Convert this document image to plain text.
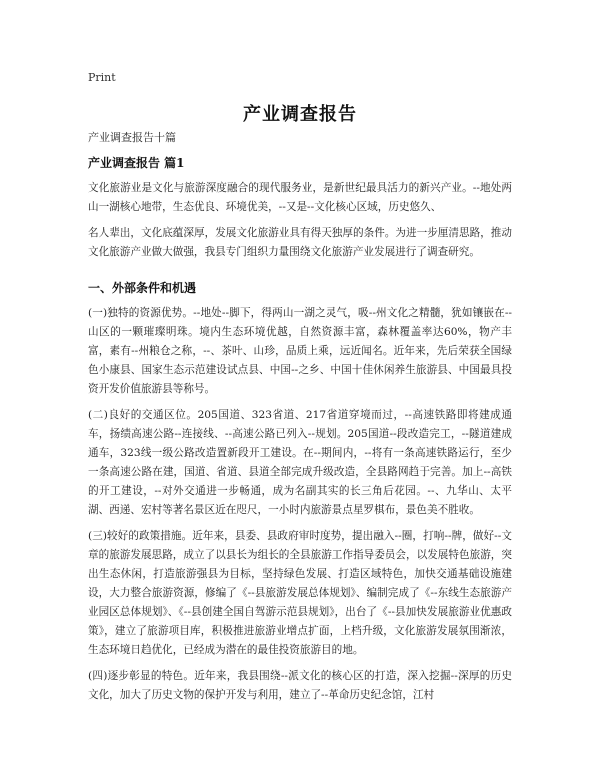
Print
产业调查报告
产业调查报告十篇
产业调查报告 篇1

文化旅游业是文化与旅游深度融合的现代服务业，是新世纪最具活力的新兴产业。--地处两山一湖核心地带，生态优良、环境优美，--又是--文化核心区域，历史悠久、

名人辈出，文化底蕴深厚，发展文化旅游业具有得天独厚的条件。为进一步厘清思路，推动文化旅游产业做大做强，我县专门组织力量围绕文化旅游产业发展进行了调查研究。

一、外部条件和机遇

(一)独特的资源优势。--地处--脚下，得两山一湖之灵气，吸--州文化之精髓，犹如镶嵌在--山区的一颗璀璨明珠。境内生态环境优越，自然资源丰富，森林覆盖率达60%，物产丰富，素有--州粮仓之称，--、茶叶、山珍，品质上乘，远近闻名。近年来，先后荣获全国绿色小康县、国家生态示范建设试点县、中国--之乡、中国十佳休闲养生旅游县、中国最具投资开发价值旅游县等称号。

(二)良好的交通区位。205国道、323省道、217省道穿境而过，--高速铁路即将建成通车，扬绩高速公路--连接线、--高速公路已列入--规划。205国道--段改造完工，--隧道建成通车，323线一级公路改造置新段开工建设。在--期间内，--将有一条高速铁路运行，至少一条高速公路在建，国道、省道、县道全部完成升级改造，全县路网趋于完善。加上--高铁的开工建设，--对外交通进一步畅通，成为名副其实的长三角后花园。--、九华山、太平湖、西递、宏村等著名景区近在咫尺，一小时内旅游景点星罗棋布，景色美不胜收。

(三)较好的政策措施。近年来，县委、县政府审时度势，提出融入--圈，打响--牌，做好--文章的旅游发展思路，成立了以县长为组长的全县旅游工作指导委员会，以发展特色旅游，突出生态休闲，打造旅游强县为目标，坚持绿色发展、打造区域特色，加快交通基础设施建设，大力整合旅游资源，修编了《--县旅游发展总体规划》、编制完成了《--东线生态旅游产业园区总体规划》、《--县创建全国自驾游示范县规划》，出台了《--县加快发展旅游业优惠政策》，建立了旅游项目库，积极推进旅游业增点扩面，上档升级，文化旅游发展氛围渐浓，生态环境日趋优化，已经成为潜在的最佳投资旅游目的地。

(四)逐步彰显的特色。近年来，我县围绕--派文化的核心区的打造，深入挖掘--深厚的历史文化，加大了历史文物的保护开发与利用，建立了--革命历史纪念馆，江村
